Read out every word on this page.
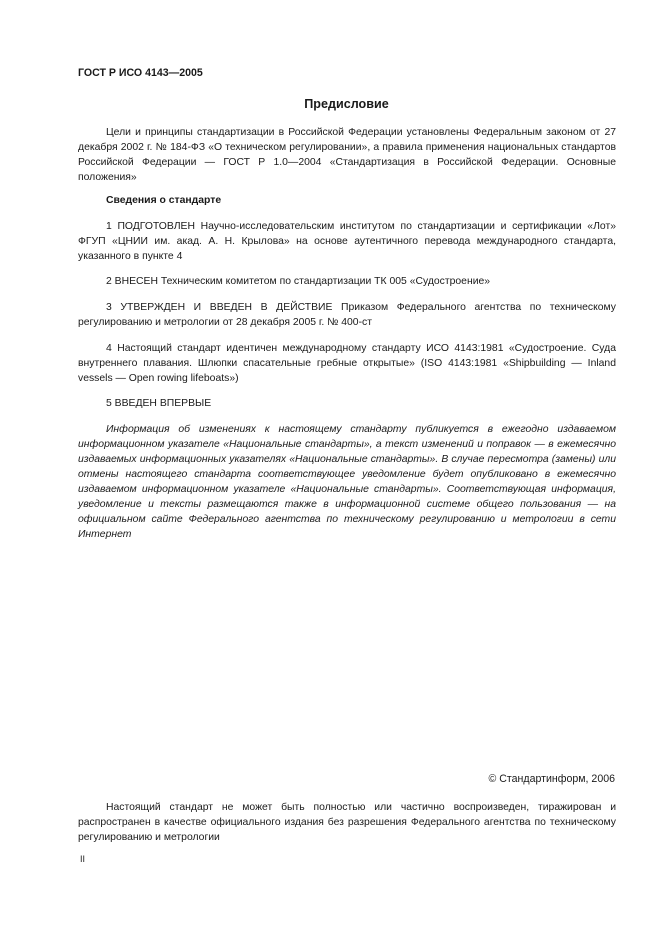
ГОСТ Р ИСО 4143—2005
Предисловие

Цели и принципы стандартизации в Российской Федерации установлены Федеральным законом от 27 декабря 2002 г. № 184-ФЗ «О техническом регулировании», а правила применения национальных стандартов Российской Федерации — ГОСТ Р 1.0—2004 «Стандартизация в Российской Федерации. Основные положения»

Сведения о стандарте

1 ПОДГОТОВЛЕН Научно-исследовательским институтом по стандартизации и сертификации «Лот» ФГУП «ЦНИИ им. акад. А. Н. Крылова» на основе аутентичного перевода международного стандарта, указанного в пункте 4

2 ВНЕСЕН Техническим комитетом по стандартизации ТК 005 «Судостроение»

3 УТВЕРЖДЕН И ВВЕДЕН В ДЕЙСТВИЕ Приказом Федерального агентства по техническому регулированию и метрологии от 28 декабря 2005 г. № 400-ст

4 Настоящий стандарт идентичен международному стандарту ИСО 4143:1981 «Судостроение. Суда внутреннего плавания. Шлюпки спасательные гребные открытые» (ISO 4143:1981 «Shipbuilding — Inland vessels — Open rowing lifeboats»)

5 ВВЕДЕН ВПЕРВЫЕ

Информация об изменениях к настоящему стандарту публикуется в ежегодно издаваемом информационном указателе «Национальные стандарты», а текст изменений и поправок — в ежемесячно издаваемых информационных указателях «Национальные стандарты». В случае пересмотра (замены) или отмены настоящего стандарта соответствующее уведомление будет опубликовано в ежемесячно издаваемом информационном указателе «Национальные стандарты». Соответствующая информация, уведомление и тексты размещаются также в информационной системе общего пользования — на официальном сайте Федерального агентства по техническому регулированию и метрологии в сети Интернет

© Стандартинформ, 2006

Настоящий стандарт не может быть полностью или частично воспроизведен, тиражирован и распространен в качестве официального издания без разрешения Федерального агентства по техническому регулированию и метрологии

II
